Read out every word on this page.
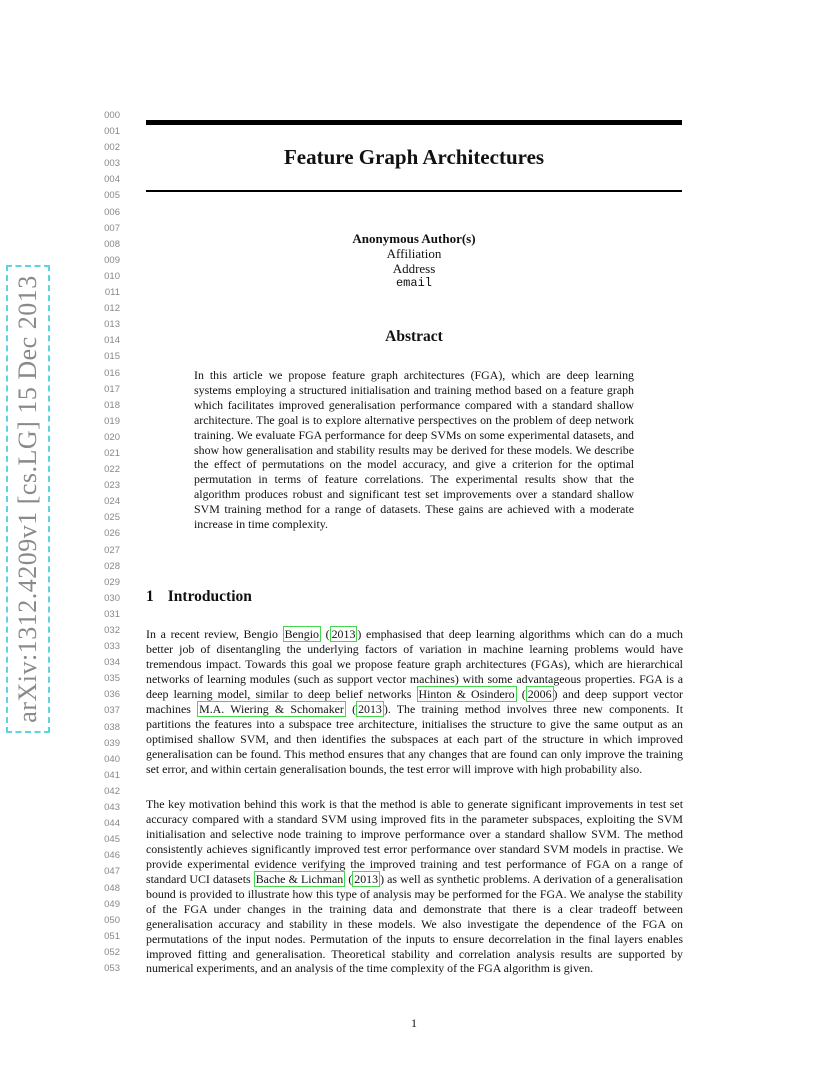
000
001
002
003
004
005
006
007
008
009
010
011
012
013
014
015
016
017
018
019
020
021
022
023
024
025
026
027
028
029
030
031
032
033
034
035
036
037
038
039
040
041
042
043
044
045
046
047
048
049
050
051
052
053
arXiv:1312.4209v1 [cs.LG] 15 Dec 2013
Feature Graph Architectures
Anonymous Author(s)
Affiliation
Address
email
Abstract
In this article we propose feature graph architectures (FGA), which are deep learning systems employing a structured initialisation and training method based on a feature graph which facilitates improved generalisation performance compared with a standard shallow architecture. The goal is to explore alternative perspectives on the problem of deep network training. We evaluate FGA performance for deep SVMs on some experimental datasets, and show how generalisation and stability results may be derived for these models. We describe the effect of permutations on the model accuracy, and give a criterion for the optimal permutation in terms of feature correlations. The experimental results show that the algorithm produces robust and significant test set improvements over a standard shallow SVM training method for a range of datasets. These gains are achieved with a moderate increase in time complexity.
1 Introduction
In a recent review, Bengio Bengio ( 2013 ) emphasised that deep learning algorithms which can do a much better job of disentangling the underlying factors of variation in machine learning problems would have tremendous impact. Towards this goal we propose feature graph architectures (FGAs), which are hierarchical networks of learning modules (such as support vector machines) with some advantageous properties. FGA is a deep learning model, similar to deep belief networks Hinton & Osindero ( 2006 ) and deep support vector machines M.A. Wiering & Schomaker ( 2013 ). The training method involves three new components. It partitions the features into a subspace tree architecture, initialises the structure to give the same output as an optimised shallow SVM, and then identifies the subspaces at each part of the structure in which improved generalisation can be found. This method ensures that any changes that are found can only improve the training set error, and within certain generalisation bounds, the test error will improve with high probability also.
The key motivation behind this work is that the method is able to generate significant improvements in test set accuracy compared with a standard SVM using improved fits in the parameter subspaces, exploiting the SVM initialisation and selective node training to improve performance over a standard shallow SVM. The method consistently achieves significantly improved test error performance over standard SVM models in practise. We provide experimental evidence verifying the improved training and test performance of FGA on a range of standard UCI datasets Bache & Lichman ( 2013 ) as well as synthetic problems. A derivation of a generalisation bound is provided to illustrate how this type of analysis may be performed for the FGA. We analyse the stability of the FGA under changes in the training data and demonstrate that there is a clear tradeoff between generalisation accuracy and stability in these models. We also investigate the dependence of the FGA on permutations of the input nodes. Permutation of the inputs to ensure decorrelation in the final layers enables improved fitting and generalisation. Theoretical stability and correlation analysis results are supported by numerical experiments, and an analysis of the time complexity of the FGA algorithm is given.
1
